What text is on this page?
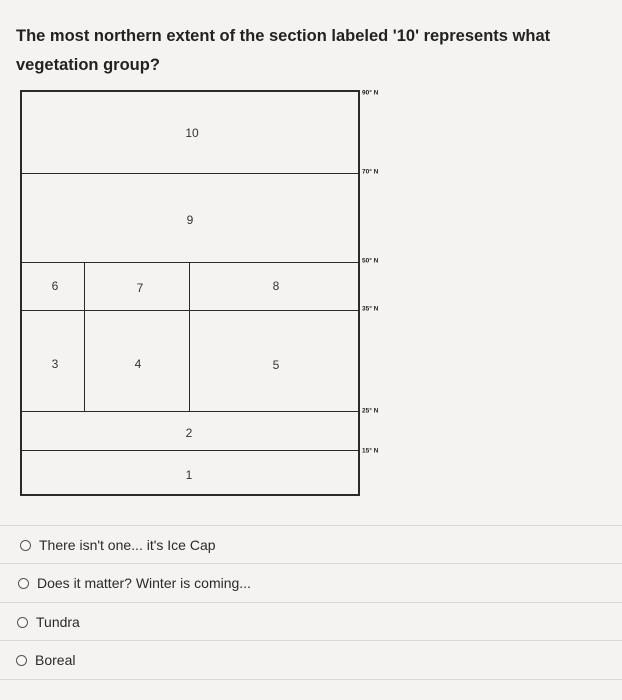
The most northern extent of the section labeled '10' represents what vegetation group?
10
9
6	7	8
3	4	5
2
1
90° N
70° N
50° N
35° N
25° N
15° N
There isn't one... it's Ice Cap
Does it matter? Winter is coming...
Tundra
Boreal
